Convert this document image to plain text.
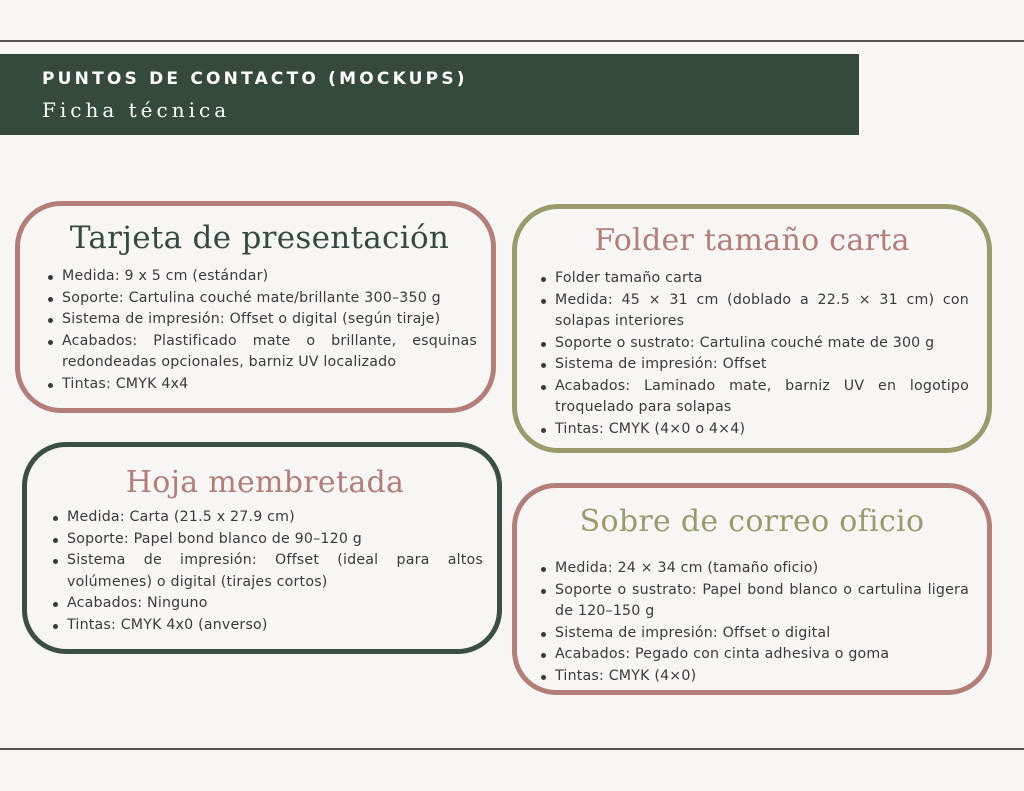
PUNTOS DE CONTACTO (MOCKUPS)
Ficha técnica
Tarjeta de presentación
Medida: 9 x 5 cm (estándar)
Soporte: Cartulina couché mate/brillante 300–350 g
Sistema de impresión: Offset o digital (según tiraje)
Acabados: Plastificado mate o brillante, esquinas redondeadas opcionales, barniz UV localizado
Tintas: CMYK 4x4
Folder tamaño carta
Folder tamaño carta
Medida: 45 × 31 cm (doblado a 22.5 × 31 cm) con solapas interiores
Soporte o sustrato: Cartulina couché mate de 300 g
Sistema de impresión: Offset
Acabados: Laminado mate, barniz UV en logotipo troquelado para solapas
Tintas: CMYK (4×0 o 4×4)
Hoja membretada
Medida: Carta (21.5 x 27.9 cm)
Soporte: Papel bond blanco de 90–120 g
Sistema de impresión: Offset (ideal para altos volúmenes) o digital (tirajes cortos)
Acabados: Ninguno
Tintas: CMYK 4x0 (anverso)
Sobre de correo oficio
Medida: 24 × 34 cm (tamaño oficio)
Soporte o sustrato: Papel bond blanco o cartulina ligera de 120–150 g
Sistema de impresión: Offset o digital
Acabados: Pegado con cinta adhesiva o goma
Tintas: CMYK (4×0)
